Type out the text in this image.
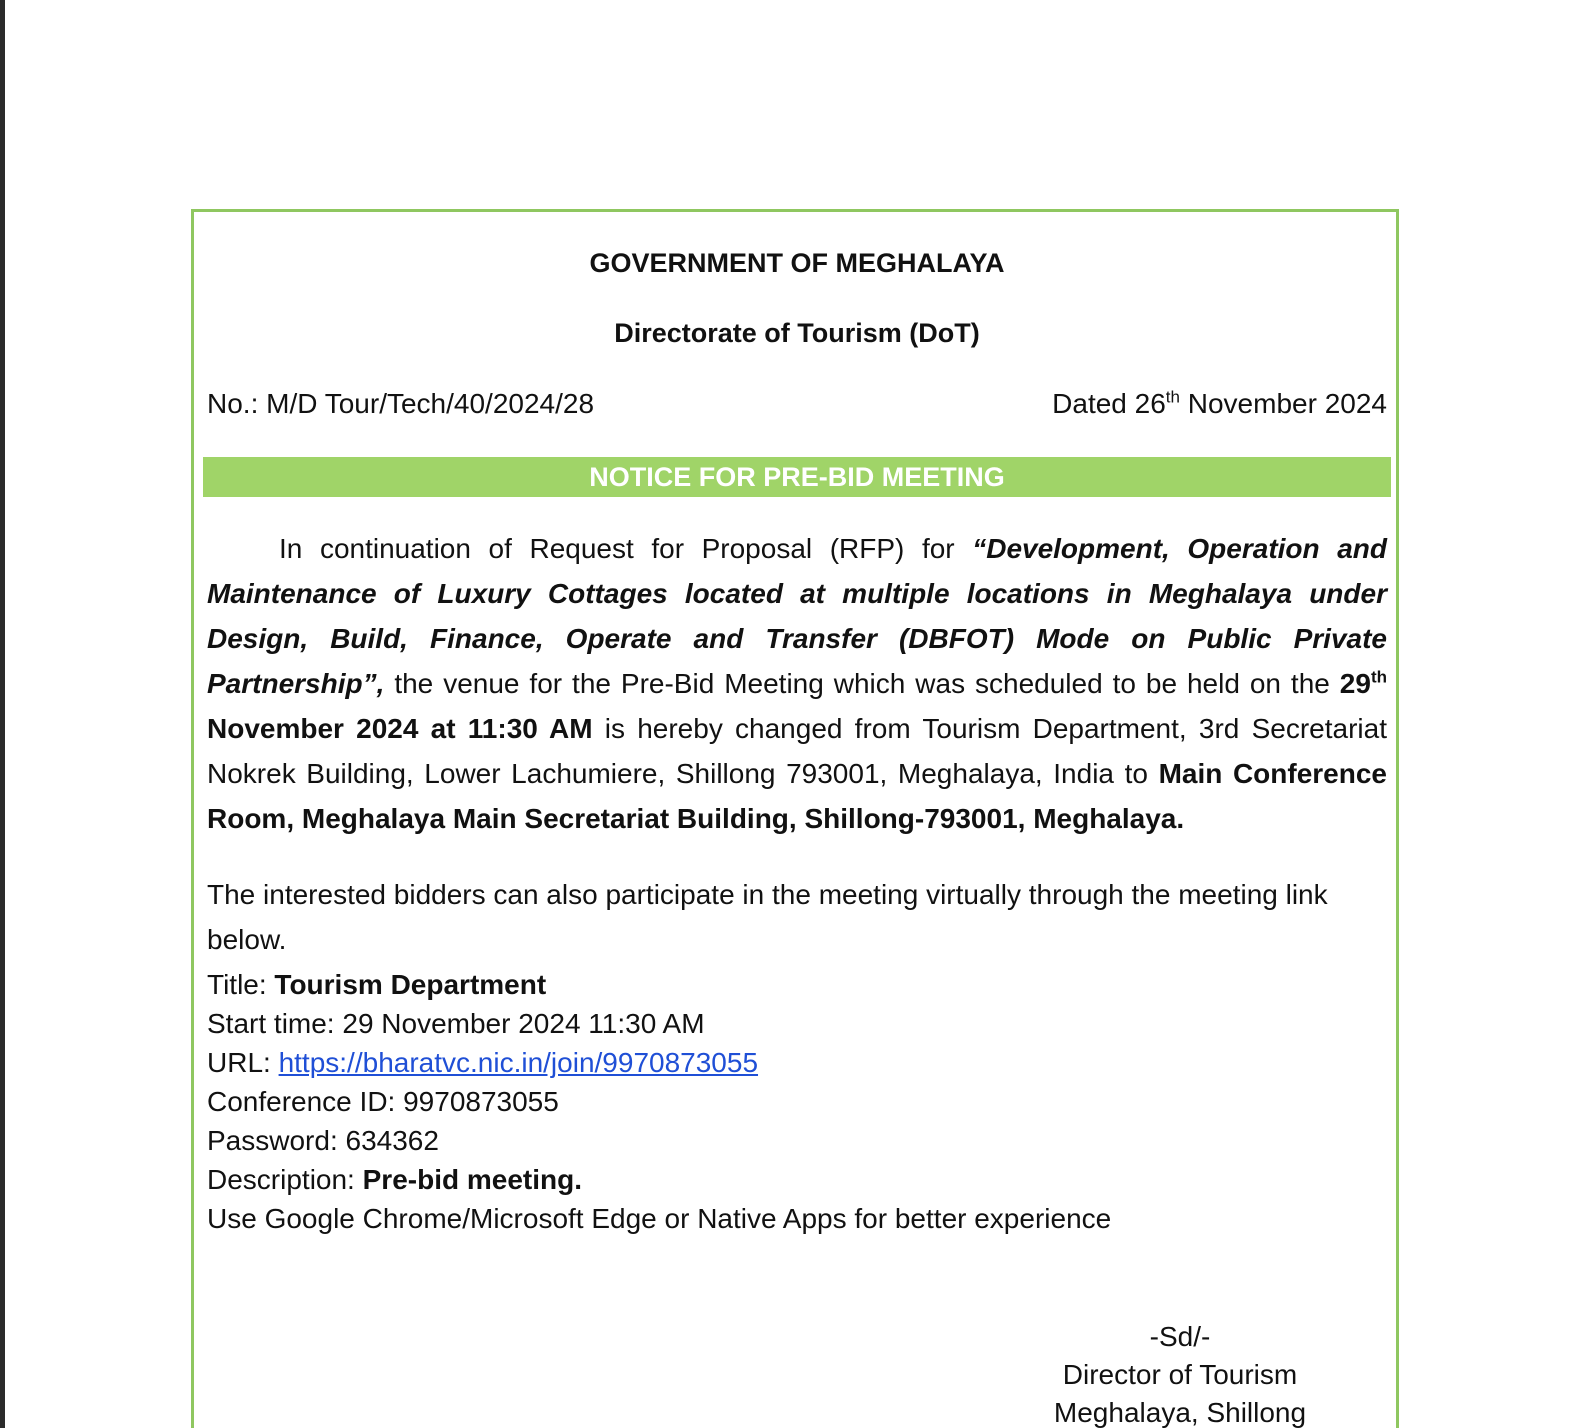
GOVERNMENT OF MEGHALAYA
Directorate of Tourism (DoT)
No.: M/D Tour/Tech/40/2024/28	Dated 26th November 2024
NOTICE FOR PRE-BID MEETING
In continuation of Request for Proposal (RFP) for “Development, Operation and Maintenance of Luxury Cottages located at multiple locations in Meghalaya under Design, Build, Finance, Operate and Transfer (DBFOT) Mode on Public Private Partnership”, the venue for the Pre-Bid Meeting which was scheduled to be held on the 29th November 2024 at 11:30 AM is hereby changed from Tourism Department, 3rd Secretariat Nokrek Building, Lower Lachumiere, Shillong 793001, Meghalaya, India to Main Conference Room, Meghalaya Main Secretariat Building, Shillong-793001, Meghalaya.
The interested bidders can also participate in the meeting virtually through the meeting link below.
Title: Tourism Department
Start time: 29 November 2024 11:30 AM
URL: https://bharatvc.nic.in/join/9970873055
Conference ID: 9970873055
Password: 634362
Description: Pre-bid meeting.
Use Google Chrome/Microsoft Edge or Native Apps for better experience
-Sd/-
Director of Tourism
Meghalaya, Shillong
